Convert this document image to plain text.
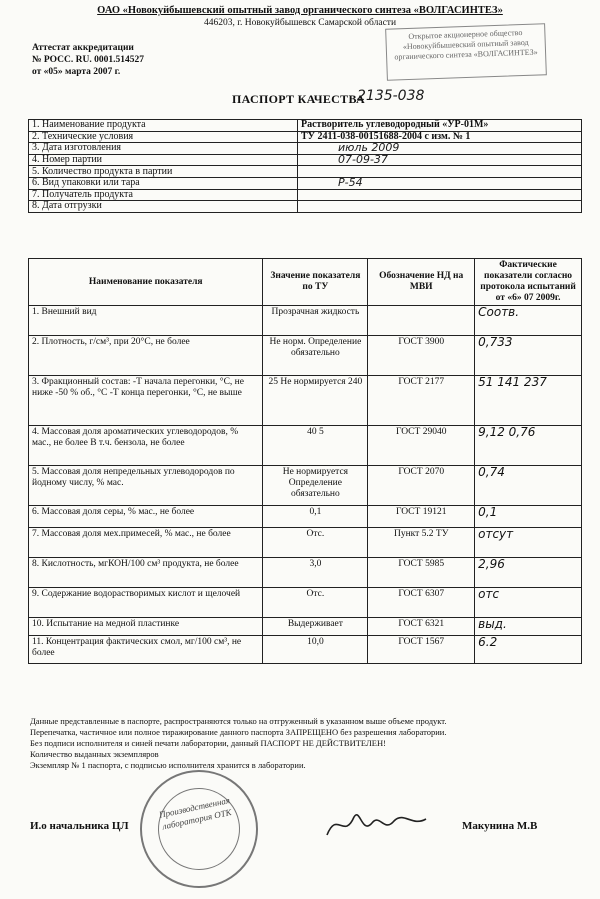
ОАО «Новокуйбышевский опытный завод органического синтеза «ВОЛГАСИНТЕЗ»
446203, г. Новокуйбышевск Самарской области
Аттестат аккредитации
№ РОСС. RU. 0001.514527
от «05» марта 2007 г.
Открытое акционерное общество «Новокуйбышевский опытный завод органического синтеза «ВОЛГАСИНТЕЗ»
ПАСПОРТ КАЧЕСТВА
2135-038
1. Наименование продукта	Растворитель углеводородный «УР-01М»
2. Технические условия	ТУ 2411-038-00151688-2004 с изм. № 1
3. Дата изготовления	июль 2009
4. Номер партии	07-09-37
5. Количество продукта в партии	
6. Вид упаковки или тара	Р-54
7. Получатель продукта	
8. Дата отгрузки	
Наименование показателя	Значение показателя по ТУ	Обозначение НД на МВИ	Фактические показатели согласно протокола испытаний от «6» 07 2009г.
1. Внешний вид	Прозрачная жидкость		Соотв.
2. Плотность, г/см³, при 20°С, не более	Не норм. Определение обязательно	ГОСТ 3900	0,733
3. Фракционный состав: -Т начала перегонки, °С, не ниже -50 % об., °С -Т конца перегонки, °С, не выше	25 Не нормируется 240	ГОСТ 2177	51 141 237
4. Массовая доля ароматических углеводородов, % мас., не более В т.ч. бензола, не более	40 5	ГОСТ 29040	9,12 0,76
5. Массовая доля непредельных углеводородов по йодному числу, % мас.	Не нормируется Определение обязательно	ГОСТ 2070	0,74
6. Массовая доля серы, % мас., не более	0,1	ГОСТ 19121	0,1
7. Массовая доля мех.примесей, % мас., не более	Отс.	Пункт 5.2 ТУ	отсут
8. Кислотность, мгКОН/100 см³ продукта, не более	3,0	ГОСТ 5985	2,96
9. Содержание водорастворимых кислот и щелочей	Отс.	ГОСТ 6307	отс
10. Испытание на медной пластинке	Выдерживает	ГОСТ 6321	выд.
11. Концентрация фактических смол, мг/100 см³, не более	10,0	ГОСТ 1567	6.2
Данные представленные в паспорте, распространяются только на отгруженный в указанном выше объеме продукт.
Перепечатка, частичное или полное тиражирование данного паспорта ЗАПРЕЩЕНО без разрешения лаборатории.
Без подписи исполнителя и синей печати лаборатории, данный ПАСПОРТ НЕ ДЕЙСТВИТЕЛЕН!
Количество выданных экземпляров
Экземпляр № 1 паспорта, с подписью исполнителя хранится в лаборатории.
Производственная лаборатория ОТК
И.о начальника ЦЛ	Макунина М.В
